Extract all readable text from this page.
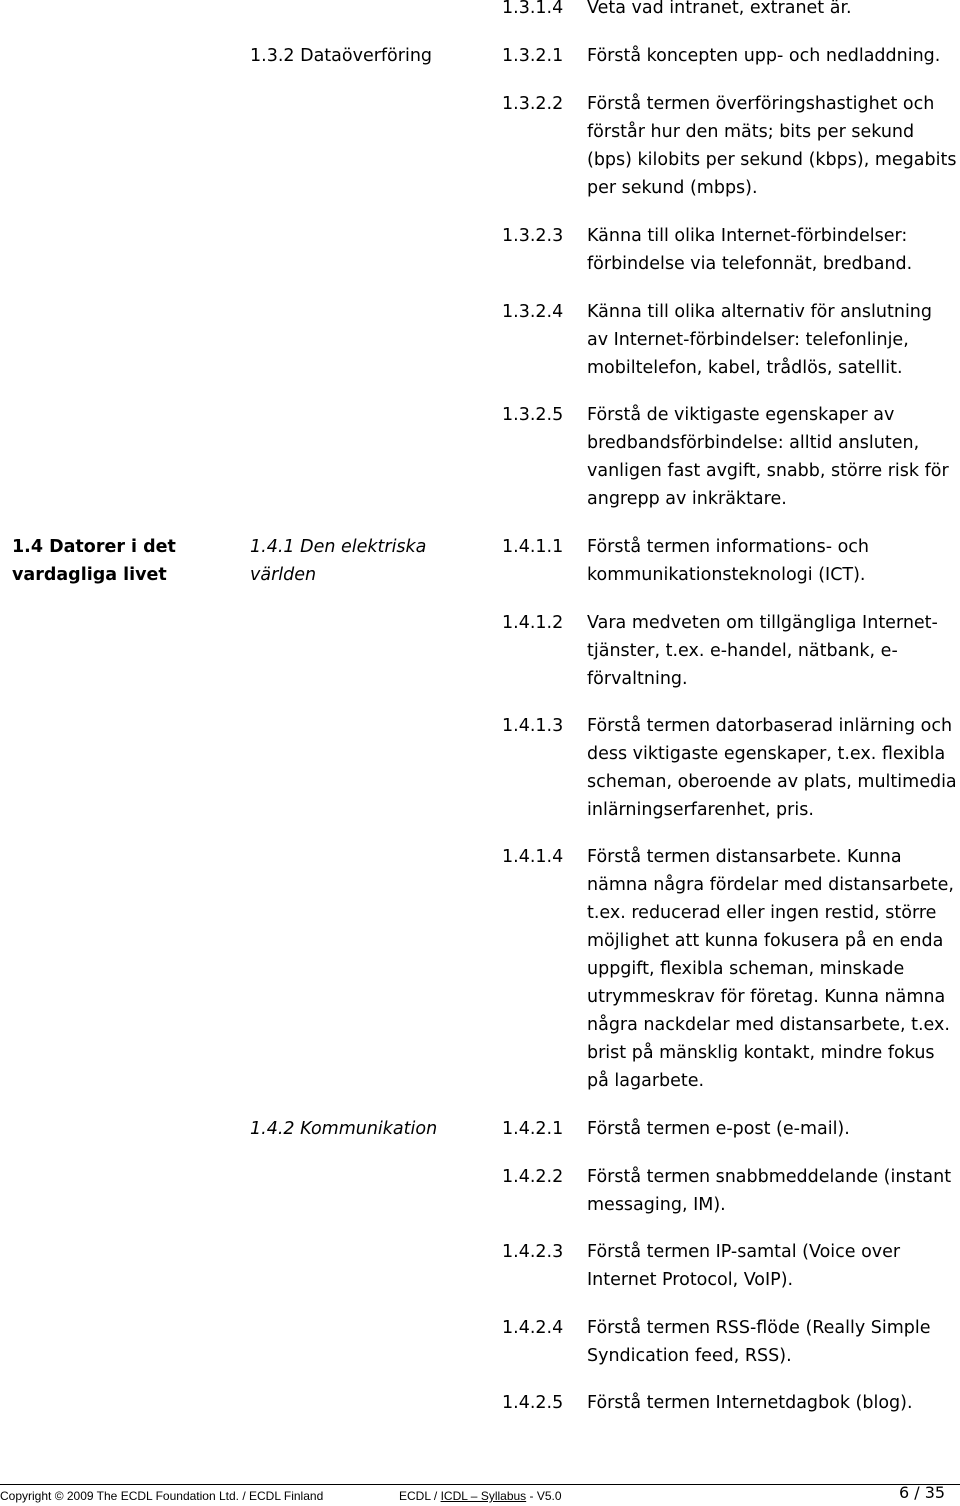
1.3.2 Dataöverföring
1.4.1 Den elektriska världen
1.4.2 Kommunikation
1.4 Datorer i det vardagliga livet
1.3.1.4 Veta vad intranet, extranet är.
1.3.2.1 Förstå koncepten upp- och nedladdning.
1.3.2.2 Förstå termen överföringshastighet och förstår hur den mäts; bits per sekund (bps) kilobits per sekund (kbps), megabits per sekund (mbps).
1.3.2.3 Känna till olika Internet-förbindelser: förbindelse via telefonnät, bredband.
1.3.2.4 Känna till olika alternativ för anslutning av Internet-förbindelser: telefonlinje, mobiltelefon, kabel, trådlös, satellit.
1.3.2.5 Förstå de viktigaste egenskaper av bredbandsförbindelse: alltid ansluten, vanligen fast avgift, snabb, större risk för angrepp av inkräktare.
1.4.1.1 Förstå termen informations- och kommunikationsteknologi (ICT).
1.4.1.2 Vara medveten om tillgängliga Internet-tjänster, t.ex. e-handel, nätbank, e-förvaltning.
1.4.1.3 Förstå termen datorbaserad inlärning och dess viktigaste egenskaper, t.ex. flexibla scheman, oberoende av plats, multimedia inlärningserfarenhet, pris.
1.4.1.4 Förstå termen distansarbete. Kunna nämna några fördelar med distansarbete, t.ex. reducerad eller ingen restid, större möjlighet att kunna fokusera på en enda uppgift, flexibla scheman, minskade utrymmeskrav för företag. Kunna nämna några nackdelar med distansarbete, t.ex. brist på mänsklig kontakt, mindre fokus på lagarbete.
1.4.2.1 Förstå termen e-post (e-mail).
1.4.2.2 Förstå termen snabbmeddelande (instant messaging, IM).
1.4.2.3 Förstå termen IP-samtal (Voice over Internet Protocol, VoIP).
1.4.2.4 Förstå termen RSS-flöde (Really Simple Syndication feed, RSS).
1.4.2.5 Förstå termen Internetdagbok (blog).
Copyright © 2009 The ECDL Foundation Ltd. / ECDL Finland	ECDL / ICDL – Syllabus - V5.0	6 / 35
